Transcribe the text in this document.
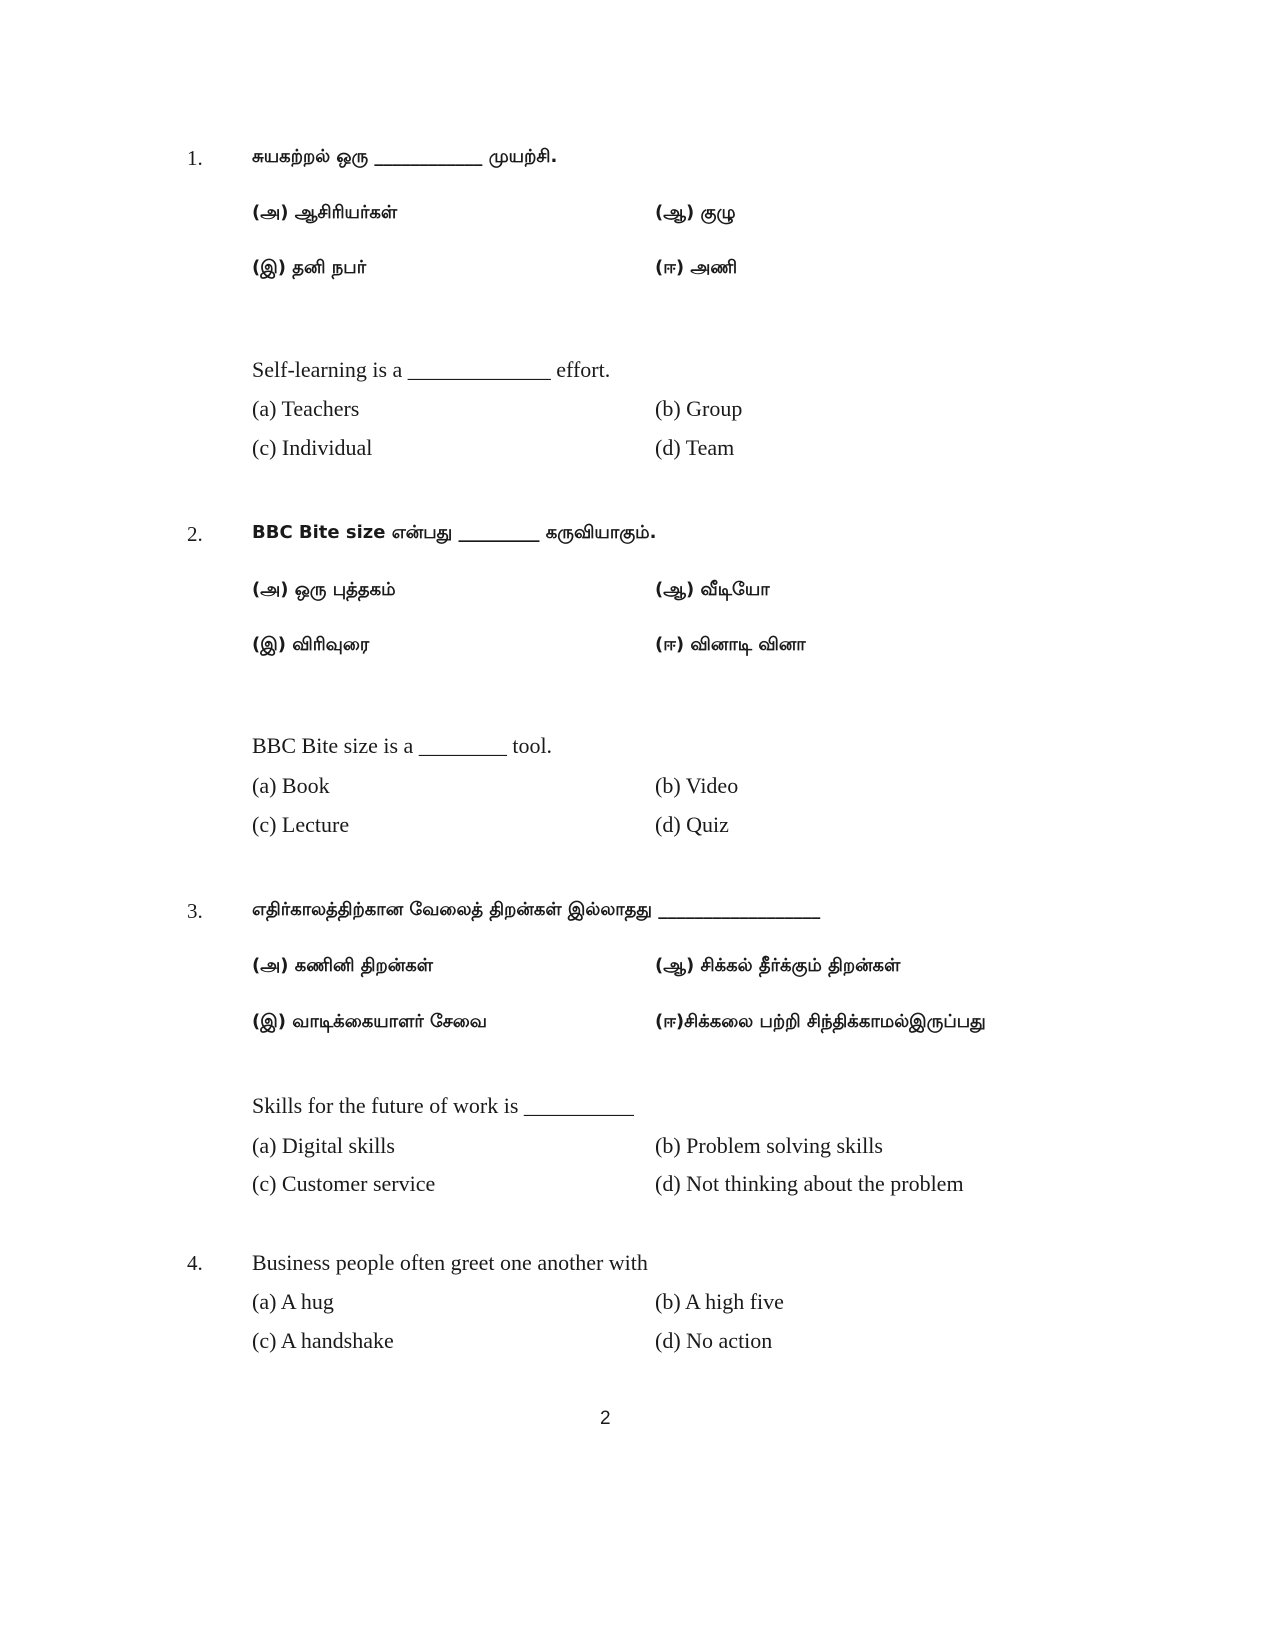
1.	சுயகற்றல் ஒரு ____________ முயற்சி.
(அ) ஆசிரியர்கள்	(ஆ) குழு
(இ) தனி நபர்	(ஈ) அணி
Self-learning is a _____________ effort.
(a) Teachers	(b) Group
(c) Individual	(d) Team
2.	BBC Bite size என்பது _________ கருவியாகும்.
(அ) ஒரு புத்தகம்	(ஆ) வீடியோ
(இ) விரிவுரை	(ஈ) வினாடி வினா
BBC Bite size is a ________ tool.
(a) Book	(b) Video
(c) Lecture	(d) Quiz
3.	எதிர்காலத்திற்கான வேலைத் திறன்கள் இல்லாதது __________________
(அ) கணினி திறன்கள்	(ஆ) சிக்கல் தீர்க்கும் திறன்கள்
(இ) வாடிக்கையாளர் சேவை	(ஈ)சிக்கலை பற்றி சிந்திக்காமல்இருப்பது
Skills for the future of work is __________
(a) Digital skills	(b) Problem solving skills
(c) Customer service	(d) Not thinking about the problem
4. Business people often greet one another with
(a) A hug	(b) A high five
(c) A handshake	(d) No action
2
